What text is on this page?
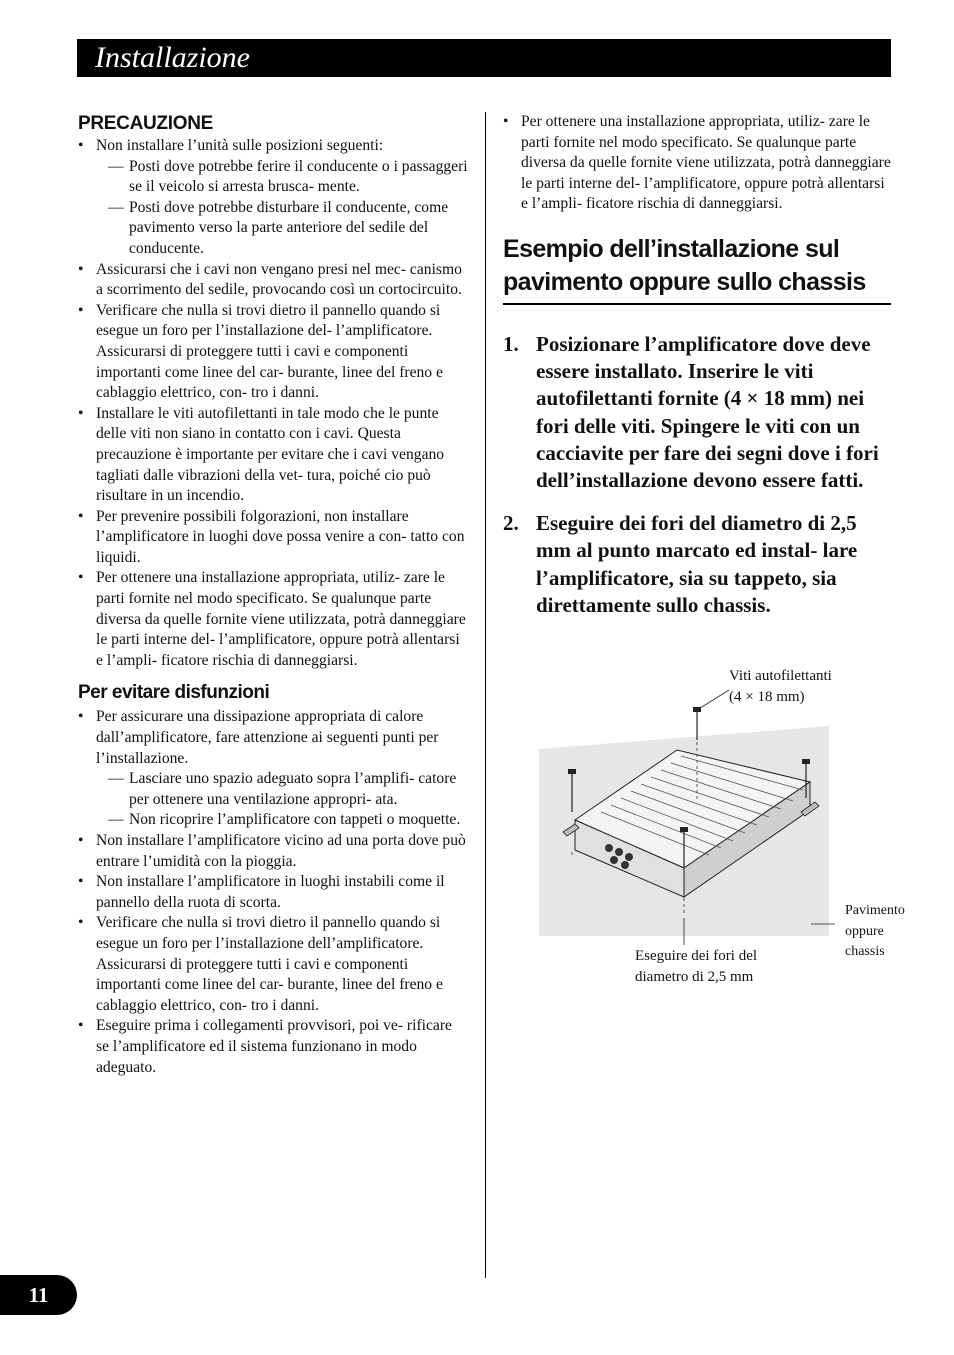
Installazione
PRECAUZIONE
• Non installare l’unità sulle posizioni seguenti:
— Posti dove potrebbe ferire il conducente o i passaggeri se il veicolo si arresta brusca- mente.
— Posti dove potrebbe disturbare il conducente, come pavimento verso la parte anteriore del sedile del conducente.
• Assicurarsi che i cavi non vengano presi nel mec- canismo a scorrimento del sedile, provocando così un cortocircuito.
• Verificare che nulla si trovi dietro il pannello quando si esegue un foro per l’installazione del- l’amplificatore. Assicurarsi di proteggere tutti i cavi e componenti importanti come linee del car- burante, linee del freno e cablaggio elettrico, con- tro i danni.
• Installare le viti autofilettanti in tale modo che le punte delle viti non siano in contatto con i cavi. Questa precauzione è importante per evitare che i cavi vengano tagliati dalle vibrazioni della vet- tura, poiché cio può risultare in un incendio.
• Per prevenire possibili folgorazioni, non installare l’amplificatore in luoghi dove possa venire a con- tatto con liquidi.
• Per ottenere una installazione appropriata, utiliz- zare le parti fornite nel modo specificato. Se qualunque parte diversa da quelle fornite viene utilizzata, potrà danneggiare le parti interne del- l’amplificatore, oppure potrà allentarsi e l’ampli- ficatore rischia di danneggiarsi.
Per evitare disfunzioni
• Per assicurare una dissipazione appropriata di calore dall’amplificatore, fare attenzione ai seguenti punti per l’installazione.
— Lasciare uno spazio adeguato sopra l’amplifi- catore per ottenere una ventilazione appropri- ata.
— Non ricoprire l’amplificatore con tappeti o moquette.
• Non installare l’amplificatore vicino ad una porta dove può entrare l’umidità con la pioggia.
• Non installare l’amplificatore in luoghi instabili come il pannello della ruota di scorta.
• Verificare che nulla si trovi dietro il pannello quando si esegue un foro per l’installazione dell’amplificatore. Assicurarsi di proteggere tutti i cavi e componenti importanti come linee del car- burante, linee del freno e cablaggio elettrico, con- tro i danni.
• Eseguire prima i collegamenti provvisori, poi ve- rificare se l’amplificatore ed il sistema funzionano in modo adeguato.
• Per ottenere una installazione appropriata, utiliz- zare le parti fornite nel modo specificato. Se qualunque parte diversa da quelle fornite viene utilizzata, potrà danneggiare le parti interne del- l’amplificatore, oppure potrà allentarsi e l’ampli- ficatore rischia di danneggiarsi.
Esempio dell’installazione sul pavimento oppure sullo chassis
1. Posizionare l’amplificatore dove deve essere installato. Inserire le viti autofilettanti fornite (4 × 18 mm) nei fori delle viti. Spingere le viti con un cacciavite per fare dei segni dove i fori dell’installazione devono essere fatti.
2. Eseguire dei fori del diametro di 2,5 mm al punto marcato ed instal- lare l’amplificatore, sia su tappeto, sia direttamente sullo chassis.
Viti autofilettanti
(4 × 18 mm)
Pavimento
oppure
chassis
Eseguire dei fori del
diametro di 2,5 mm
11
